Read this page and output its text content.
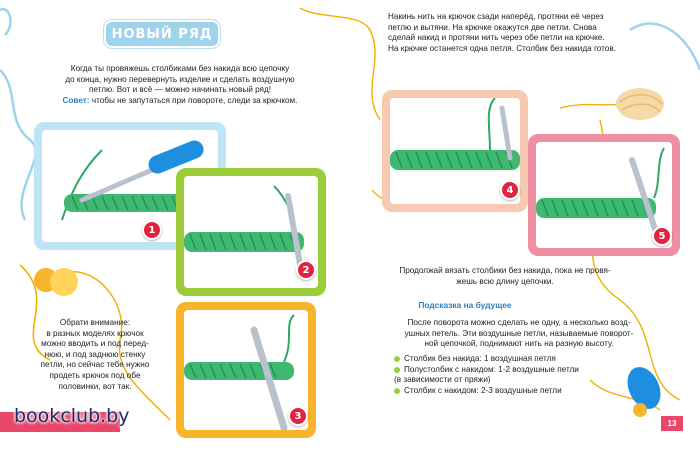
НОВЫЙ РЯД
Когда ты провяжешь столбиками без накида всю цепочку
до конца, нужно перевернуть изделие и сделать воздушную
петлю. Вот и всё — можно начинать новый ряд!
Совет: чтобы не запутаться при повороте, следи за крючком.
1
2
3
Обрати внимание:
в разных моделях крючок
можно вводить и под перед-
нюю, и под заднюю стенку
петли, но сейчас тебе нужно
продеть крючок под обе
половинки, вот так.
bookclub.by
Накинь нить на крючок сзади наперёд, протяни её через
петлю и вытяни. На крючке окажутся две петли. Снова
сделай накид и протяни нить через обе петли на крючке.
На крючке останется одна петля. Столбик без накида готов.
4
5
Продолжай вязать столбики без накида, пока не провя-
жешь всю длину цепочки.
Подсказка на будущее
После поворота можно сделать не одну, а несколько возд-
ушных петель. Эти воздушные петли, называемые поворот-
ной цепочкой, поднимают нить на разную высоту.
Столбик без накида: 1 воздушная петля
Полустолбик с накидом: 1-2 воздушные петли
(в зависимости от пряжи)
Столбик с накидом: 2-3 воздушные петли
13
